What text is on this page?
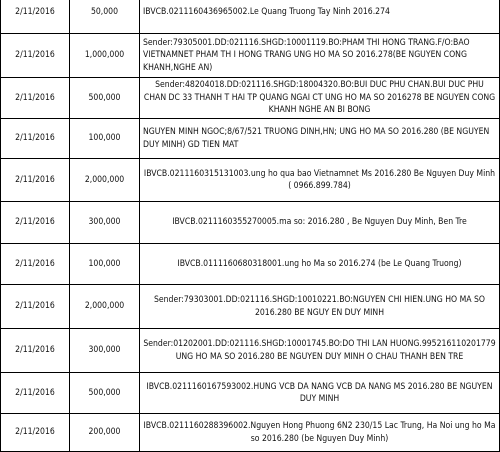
2/11/2016	50,000	IBVCB.0211160436965002.Le Quang Truong Tay Ninh 2016.274
2/11/2016	1,000,000	Sender:79305001.DD:021116.SHGD:10001119.BO:PHAM THI HONG TRANG.F/O:BAO VIETNAMNET PHAM TH I HONG TRANG UNG HO MA SO 2016.278(BE NGUYEN CONG KHANH,NGHE AN)
2/11/2016	500,000	Sender:48204018.DD:021116.SHGD:18004320.BO:BUI DUC PHU CHAN.BUI DUC PHU CHAN DC 33 THANH T HAI TP QUANG NGAI CT UNG HO MA SO 2016278 BE NGUYEN CONG KHANH NGHE AN BI BONG
2/11/2016	100,000	NGUYEN MINH NGOC;8/67/521 TRUONG DINH,HN; UNG HO MA SO 2016.280 (BE NGUYEN DUY MINH) GD TIEN MAT
2/11/2016	2,000,000	IBVCB.0211160315131003.ung ho qua bao Vietnamnet Ms 2016.280 Be Nguyen Duy Minh ( 0966.899.784)
2/11/2016	300,000	IBVCB.0211160355270005.ma so: 2016.280 , Be Nguyen Duy Minh, Ben Tre
2/11/2016	100,000	IBVCB.0111160680318001.ung ho Ma so 2016.274 (be Le Quang Truong)
2/11/2016	2,000,000	Sender:79303001.DD:021116.SHGD:10010221.BO:NGUYEN CHI HIEN.UNG HO MA SO 2016.280 BE NGUY EN DUY MINH
2/11/2016	300,000	Sender:01202001.DD:021116.SHGD:10001745.BO:DO THI LAN HUONG.995216110201779 UNG HO MA SO 2016.280 BE NGUYEN DUY MINH O CHAU THANH BEN TRE
2/11/2016	500,000	IBVCB.0211160167593002.HUNG VCB DA NANG VCB DA NANG MS 2016.280 BE NGUYEN DUY MINH
2/11/2016	200,000	IBVCB.0211160288396002.Nguyen Hong Phuong 6N2 230/15 Lac Trung, Ha Noi ung ho Ma so 2016.280 (be Nguyen Duy Minh)
